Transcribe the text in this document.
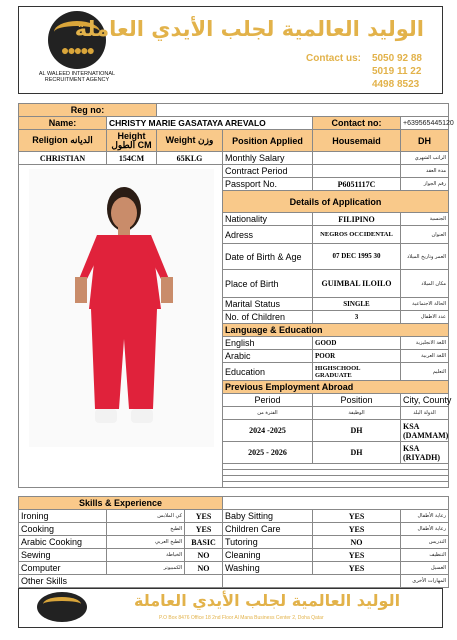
●●●●●
AL WALEED INTERNATIONAL
RECRUITMENT AGENCY
الوليد العالمية لجلب الأيدي العاملة
Contact us: 5050 92 88
5019 11 22
4498 8523
Reg no:					
Name:	CHRISTY MARIE GASATAYA AREVALO			Contact no:	+639565445120
Religion الديانه	Height الطول CM	Weight وزن	Position Applied	Housemaid	DH
CHRISTIAN	154CM	65KLG	Monthly Salary		الراتب الشهري

	Contract Period		مدة العقد
			Passport No.	P6051117C	رقم الجواز
			Details of Application		
			Nationality	FILIPINO	الجنسية
			Adress	NEGROS OCCIDENTAL	العنوان
			Date of Birth & Age	07 DEC 1995 30	العمر وتاريخ الميلاد
			Place of Birth	GUIMBAL ILOILO	مكان الميلاد
			Marital Status	SINGLE	الحالة الاجتماعية
			No. of Children	3	عدد الاطفال
			Language & Education		
			English	GOOD	اللغة الانجليزية
			Arabic	POOR	اللغة العربية
			Education	HIGHSCHOOL GRADUATE	التعليم
			Previous Employment Abroad		
			Period	Position	City, County
			الفترة من	الوظيفة	الدولة البلد
			2024 -2025	DH	KSA (DAMMAM)
			2025 - 2026	DH	KSA (RIYADH)

Skills & Experience					
Ironing	كي الملابس	YES	Baby Sitting	YES	رعاية الأطفال
Cooking	الطبخ	YES	Children Care	YES	رعاية الأطفال
Arabic Cooking	الطبخ العربي	BASIC	Tutoring	NO	التدريس
Sewing	الخياطة	NO	Cleaning	YES	التنظيف
Computer	الكمبيوتر	NO	Washing	YES	الغسيل
Other Skills					المهارات الأخرى
الوليد العالمية لجلب الأيدي العاملة
P.O Box 8476 Office 18 2nd Floor Al Mana Business Center 2, Doha Qatar
